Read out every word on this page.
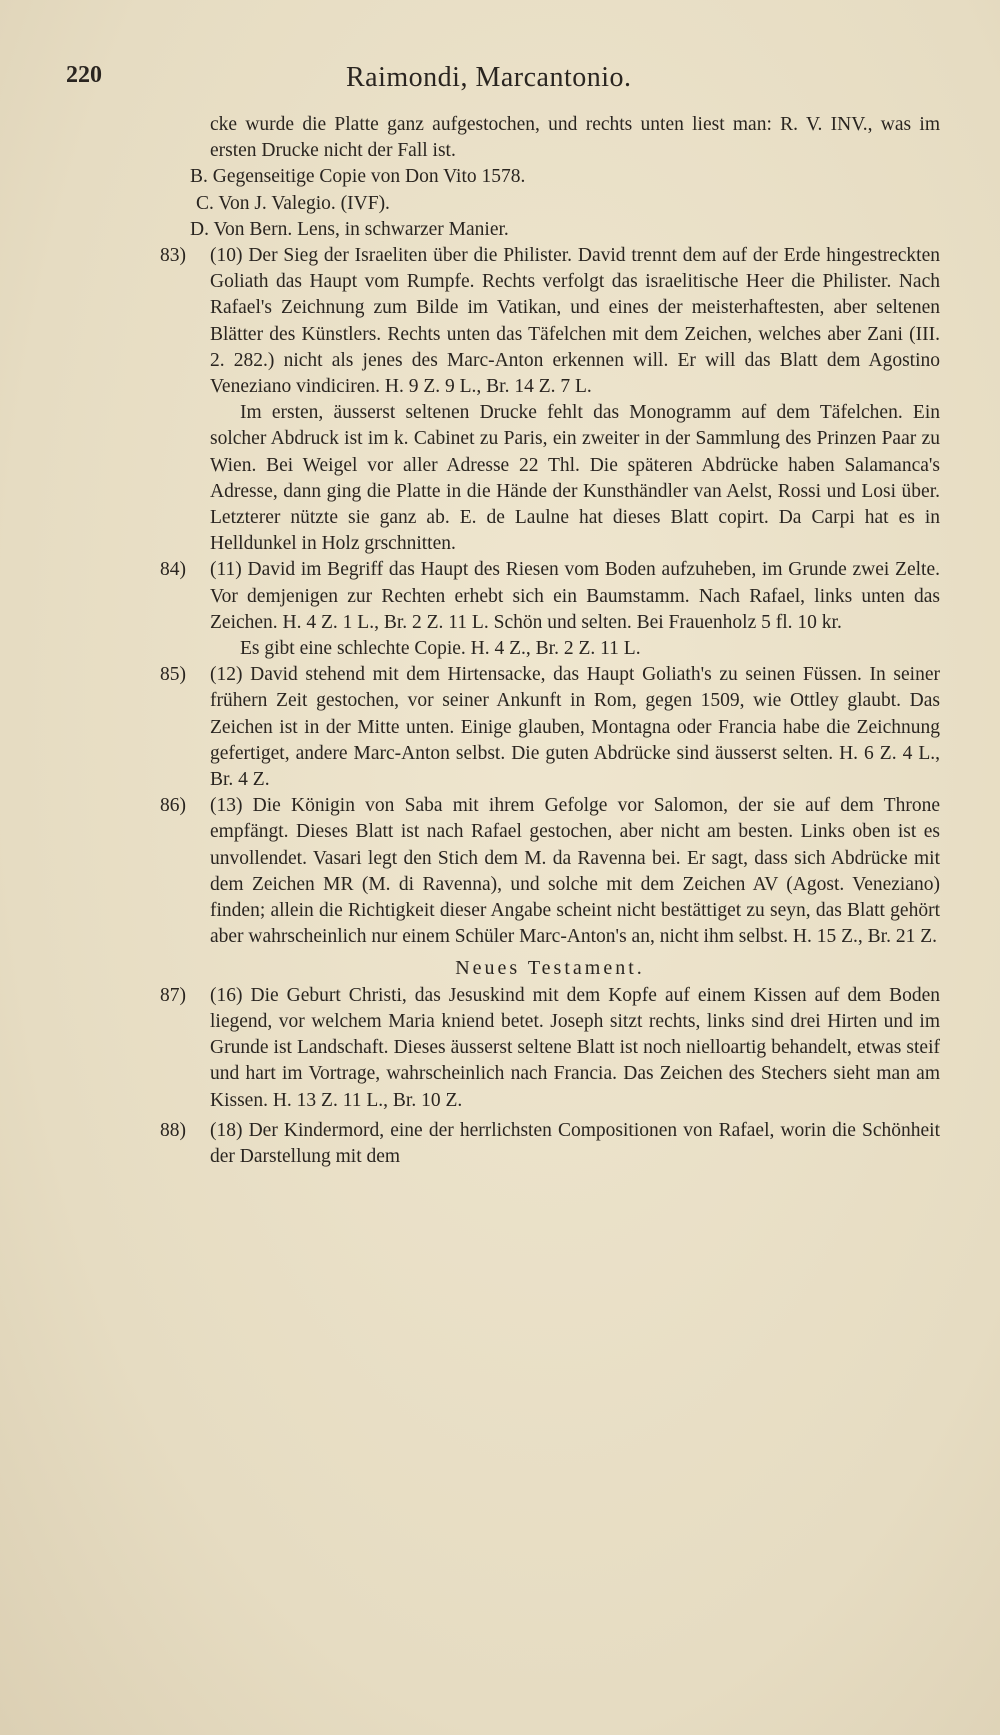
220	Raimondi, Marcantonio.

cke wurde die Platte ganz aufgestochen, und rechts unten liest man: R. V. INV., was im ersten Drucke nicht der Fall ist.

B. Gegenseitige Copie von Don Vito 1578.

C. Von J. Valegio. (IVF).

D. Von Bern. Lens, in schwarzer Manier.

83)	(10) Der Sieg der Israeliten über die Philister. David trennt dem auf der Erde hingestreckten Goliath das Haupt vom Rumpfe. Rechts verfolgt das israelitische Heer die Philister. Nach Rafael's Zeichnung zum Bilde im Vatikan, und eines der meisterhaftesten, aber seltenen Blätter des Künstlers. Rechts unten das Täfelchen mit dem Zeichen, welches aber Zani (III. 2. 282.) nicht als jenes des Marc-Anton erkennen will. Er will das Blatt dem Agostino Veneziano vindiciren. H. 9 Z. 9 L., Br. 14 Z. 7 L.

Im ersten, äusserst seltenen Drucke fehlt das Monogramm auf dem Täfelchen. Ein solcher Abdruck ist im k. Cabinet zu Paris, ein zweiter in der Sammlung des Prinzen Paar zu Wien. Bei Weigel vor aller Adresse 22 Thl. Die späteren Abdrücke haben Salamanca's Adresse, dann ging die Platte in die Hände der Kunsthändler van Aelst, Rossi und Losi über. Letzterer nützte sie ganz ab. E. de Laulne hat dieses Blatt copirt. Da Carpi hat es in Helldunkel in Holz grschnitten.

84)	(11) David im Begriff das Haupt des Riesen vom Boden aufzuheben, im Grunde zwei Zelte. Vor demjenigen zur Rechten erhebt sich ein Baumstamm. Nach Rafael, links unten das Zeichen. H. 4 Z. 1 L., Br. 2 Z. 11 L. Schön und selten. Bei Frauenholz 5 fl. 10 kr.

Es gibt eine schlechte Copie. H. 4 Z., Br. 2 Z. 11 L.

85)	(12) David stehend mit dem Hirtensacke, das Haupt Goliath's zu seinen Füssen. In seiner frühern Zeit gestochen, vor seiner Ankunft in Rom, gegen 1509, wie Ottley glaubt. Das Zeichen ist in der Mitte unten. Einige glauben, Montagna oder Francia habe die Zeichnung gefertiget, andere Marc-Anton selbst. Die guten Abdrücke sind äusserst selten. H. 6 Z. 4 L., Br. 4 Z.

86)	(13) Die Königin von Saba mit ihrem Gefolge vor Salomon, der sie auf dem Throne empfängt. Dieses Blatt ist nach Rafael gestochen, aber nicht am besten. Links oben ist es unvollendet. Vasari legt den Stich dem M. da Ravenna bei. Er sagt, dass sich Abdrücke mit dem Zeichen MR (M. di Ravenna), und solche mit dem Zeichen AV (Agost. Veneziano) finden; allein die Richtigkeit dieser Angabe scheint nicht bestättiget zu seyn, das Blatt gehört aber wahrscheinlich nur einem Schüler Marc-Anton's an, nicht ihm selbst. H. 15 Z., Br. 21 Z.

Neues Testament.
87)	(16) Die Geburt Christi, das Jesuskind mit dem Kopfe auf einem Kissen auf dem Boden liegend, vor welchem Maria kniend betet. Joseph sitzt rechts, links sind drei Hirten und im Grunde ist Landschaft. Dieses äusserst seltene Blatt ist noch nielloartig behandelt, etwas steif und hart im Vortrage, wahrscheinlich nach Francia. Das Zeichen des Stechers sieht man am Kissen. H. 13 Z. 11 L., Br. 10 Z.

88)	(18) Der Kindermord, eine der herrlichsten Compositionen von Rafael, worin die Schönheit der Darstellung mit dem
